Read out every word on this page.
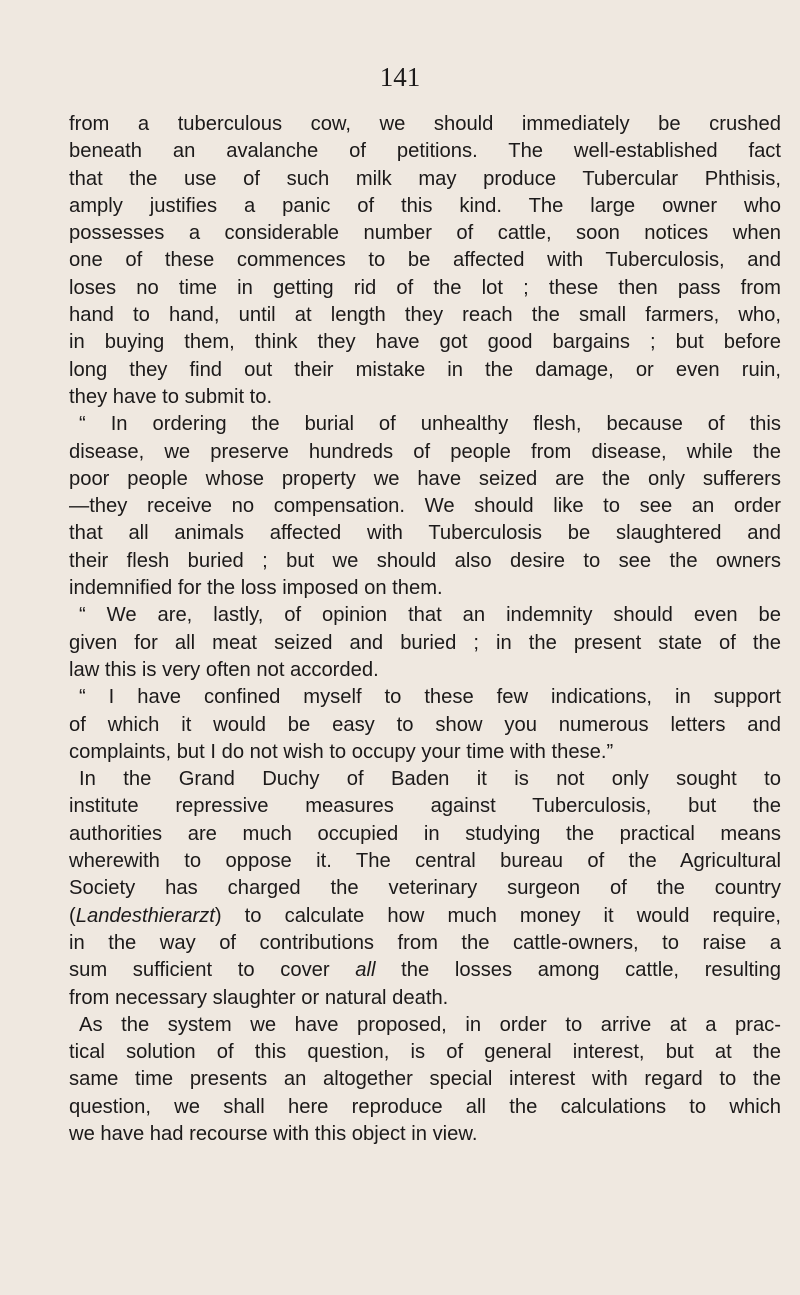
141
from a tuberculous cow, we should immediately be crushed
beneath an avalanche of petitions. The well-established fact
that the use of such milk may produce Tubercular Phthisis,
amply justifies a panic of this kind. The large owner who
possesses a considerable number of cattle, soon notices when
one of these commences to be affected with Tuberculosis, and
loses no time in getting rid of the lot ; these then pass from
hand to hand, until at length they reach the small farmers, who,
in buying them, think they have got good bargains ; but before
long they find out their mistake in the damage, or even ruin,
they have to submit to.
“ In ordering the burial of unhealthy flesh, because of this
disease, we preserve hundreds of people from disease, while the
poor people whose property we have seized are the only sufferers
—they receive no compensation. We should like to see an order
that all animals affected with Tuberculosis be slaughtered and
their flesh buried ; but we should also desire to see the owners
indemnified for the loss imposed on them.
“ We are, lastly, of opinion that an indemnity should even be
given for all meat seized and buried ; in the present state of the
law this is very often not accorded.
“ I have confined myself to these few indications, in support
of which it would be easy to show you numerous letters and
complaints, but I do not wish to occupy your time with these.”
In the Grand Duchy of Baden it is not only sought to
institute repressive measures against Tuberculosis, but the
authorities are much occupied in studying the practical means
wherewith to oppose it. The central bureau of the Agricultural
Society has charged the veterinary surgeon of the country
(Landesthierarzt) to calculate how much money it would require,
in the way of contributions from the cattle-owners, to raise a
sum sufficient to cover all the losses among cattle, resulting
from necessary slaughter or natural death.
As the system we have proposed, in order to arrive at a prac-
tical solution of this question, is of general interest, but at the
same time presents an altogether special interest with regard to the
question, we shall here reproduce all the calculations to which
we have had recourse with this object in view.
